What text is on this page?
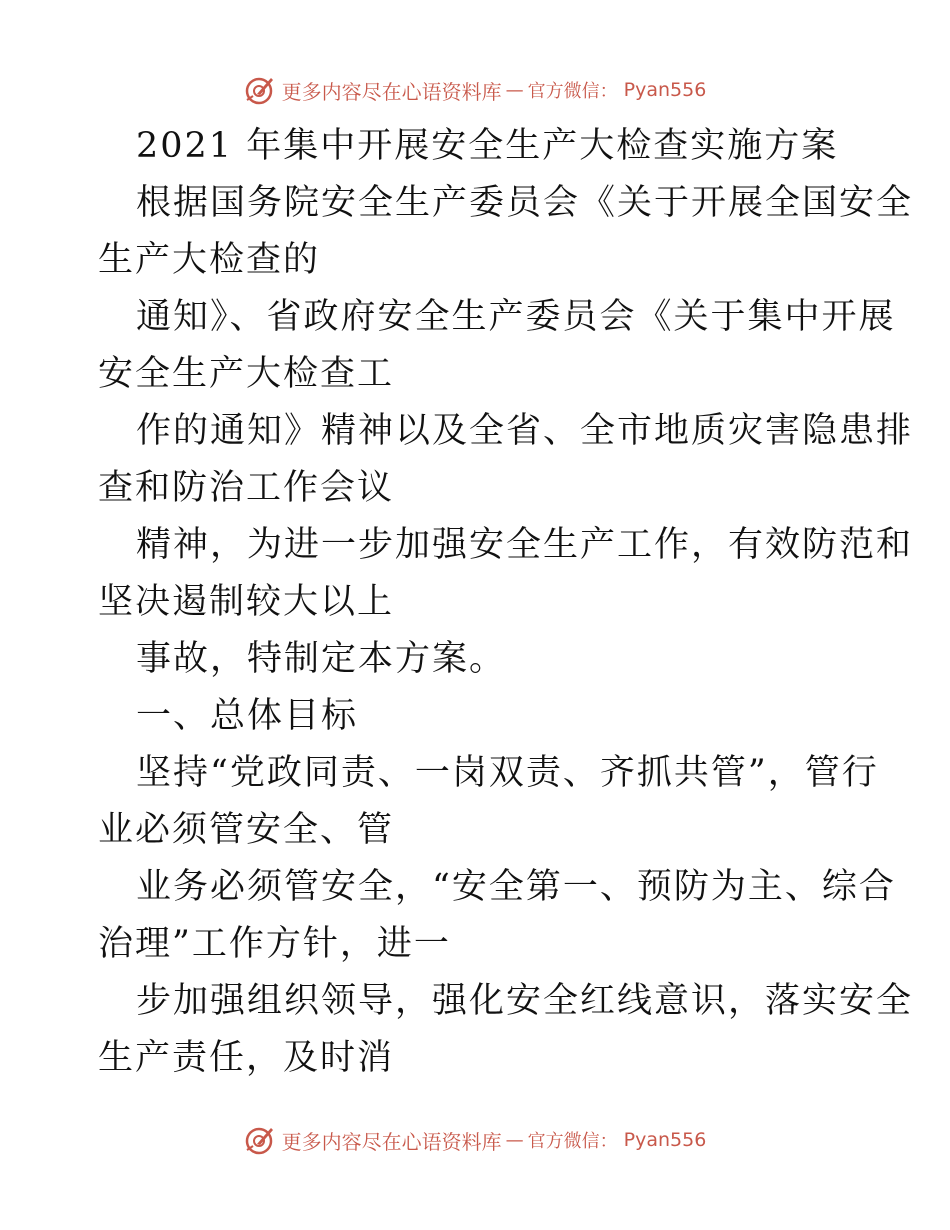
更多内容尽在心语资料库 — 官方微信： Pyan556
2021 年集中开展安全生产大检查实施方案
根据国务院安全生产委员会《关于开展全国安全
生产大检查的
通知》、省政府安全生产委员会《关于集中开展
安全生产大检查工
作的通知》精神以及全省、全市地质灾害隐患排
查和防治工作会议
精神，为进一步加强安全生产工作，有效防范和
坚决遏制较大以上
事故，特制定本方案。
一、总体目标
坚持“党政同责、一岗双责、齐抓共管”，管行
业必须管安全、管
业务必须管安全，“安全第一、预防为主、综合
治理”工作方针，进一
步加强组织领导，强化安全红线意识，落实安全
生产责任，及时消
更多内容尽在心语资料库 — 官方微信： Pyan556
